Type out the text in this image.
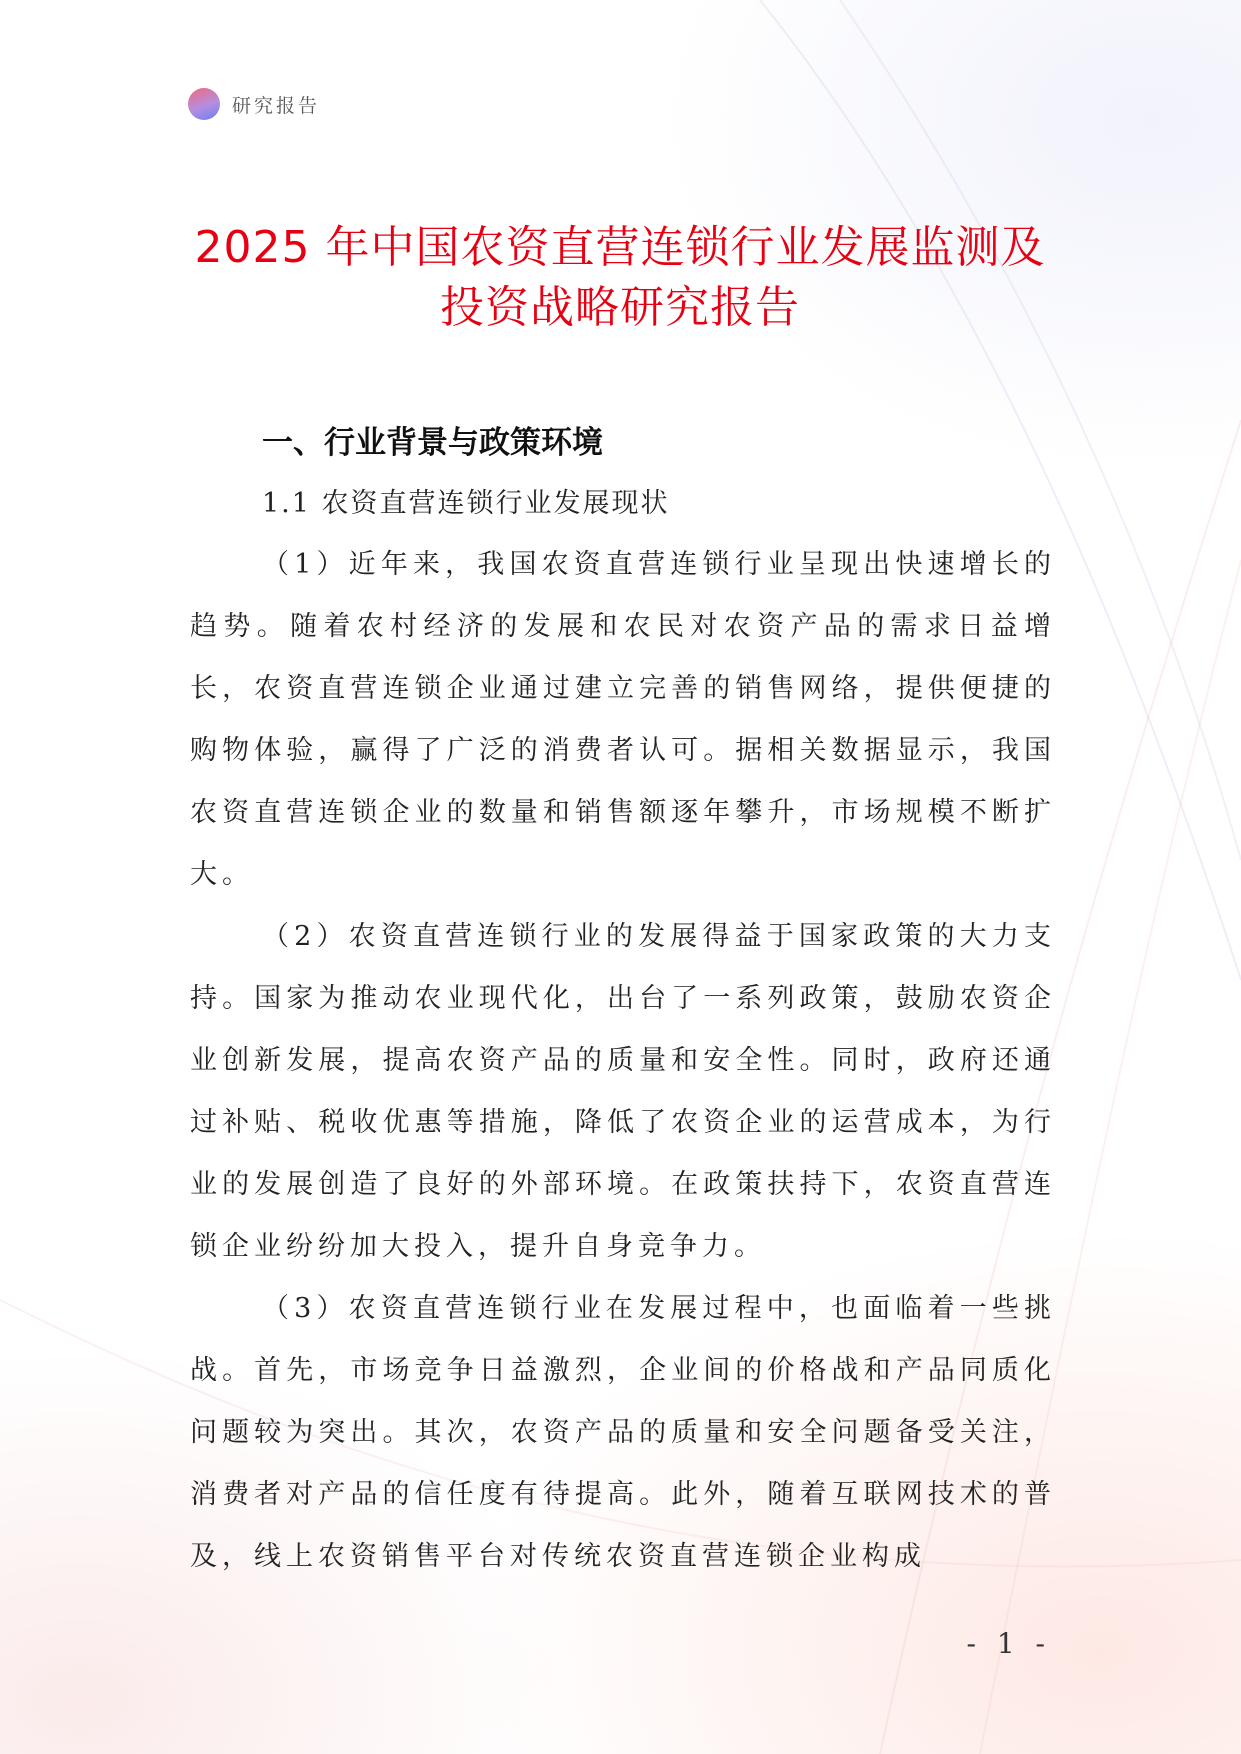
研究报告
2025 年中国农资直营连锁行业发展监测及
投资战略研究报告

一、行业背景与政策环境

1.1 农资直营连锁行业发展现状

（1）近年来，我国农资直营连锁行业呈现出快速增长的趋势。随着农村经济的发展和农民对农资产品的需求日益增长，农资直营连锁企业通过建立完善的销售网络，提供便捷的购物体验，赢得了广泛的消费者认可。据相关数据显示，我国农资直营连锁企业的数量和销售额逐年攀升，市场规模不断扩大。

（2）农资直营连锁行业的发展得益于国家政策的大力支持。国家为推动农业现代化，出台了一系列政策，鼓励农资企业创新发展，提高农资产品的质量和安全性。同时，政府还通过补贴、税收优惠等措施，降低了农资企业的运营成本，为行业的发展创造了良好的外部环境。在政策扶持下，农资直营连锁企业纷纷加大投入，提升自身竞争力。

（3）农资直营连锁行业在发展过程中，也面临着一些挑战。首先，市场竞争日益激烈，企业间的价格战和产品同质化问题较为突出。其次，农资产品的质量和安全问题备受关注，消费者对产品的信任度有待提高。此外，随着互联网技术的普及，线上农资销售平台对传统农资直营连锁企业构成

- 1 -
